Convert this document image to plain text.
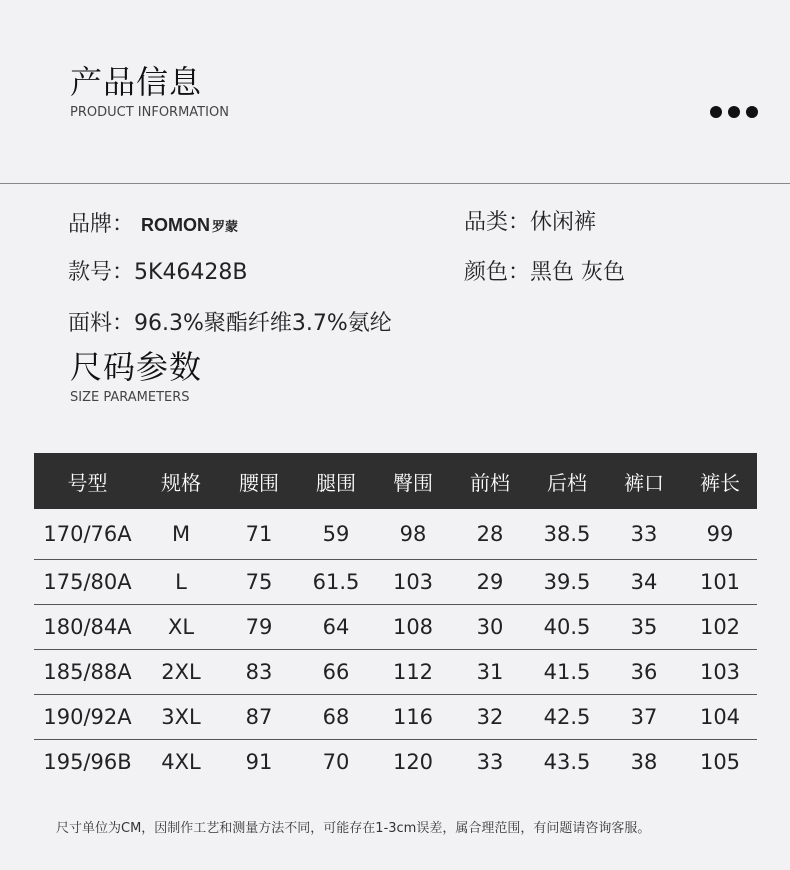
产品信息
PRODUCT INFORMATION
品牌： ROMON 罗蒙	品类：休闲裤
款号：5K46428B	颜色：黑色 灰色
面料：96.3%聚酯纤维3.7%氨纶
尺码参数
SIZE PARAMETERS
号型	规格	腰围	腿围	臀围	前档	后档	裤口	裤长
170/76A	M	71	59	98	28	38.5	33	99
175/80A	L	75	61.5	103	29	39.5	34	101
180/84A	XL	79	64	108	30	40.5	35	102
185/88A	2XL	83	66	112	31	41.5	36	103
190/92A	3XL	87	68	116	32	42.5	37	104
195/96B	4XL	91	70	120	33	43.5	38	105
尺寸单位为CM，因制作工艺和测量方法不同，可能存在1-3cm误差，属合理范围，有问题请咨询客服。
